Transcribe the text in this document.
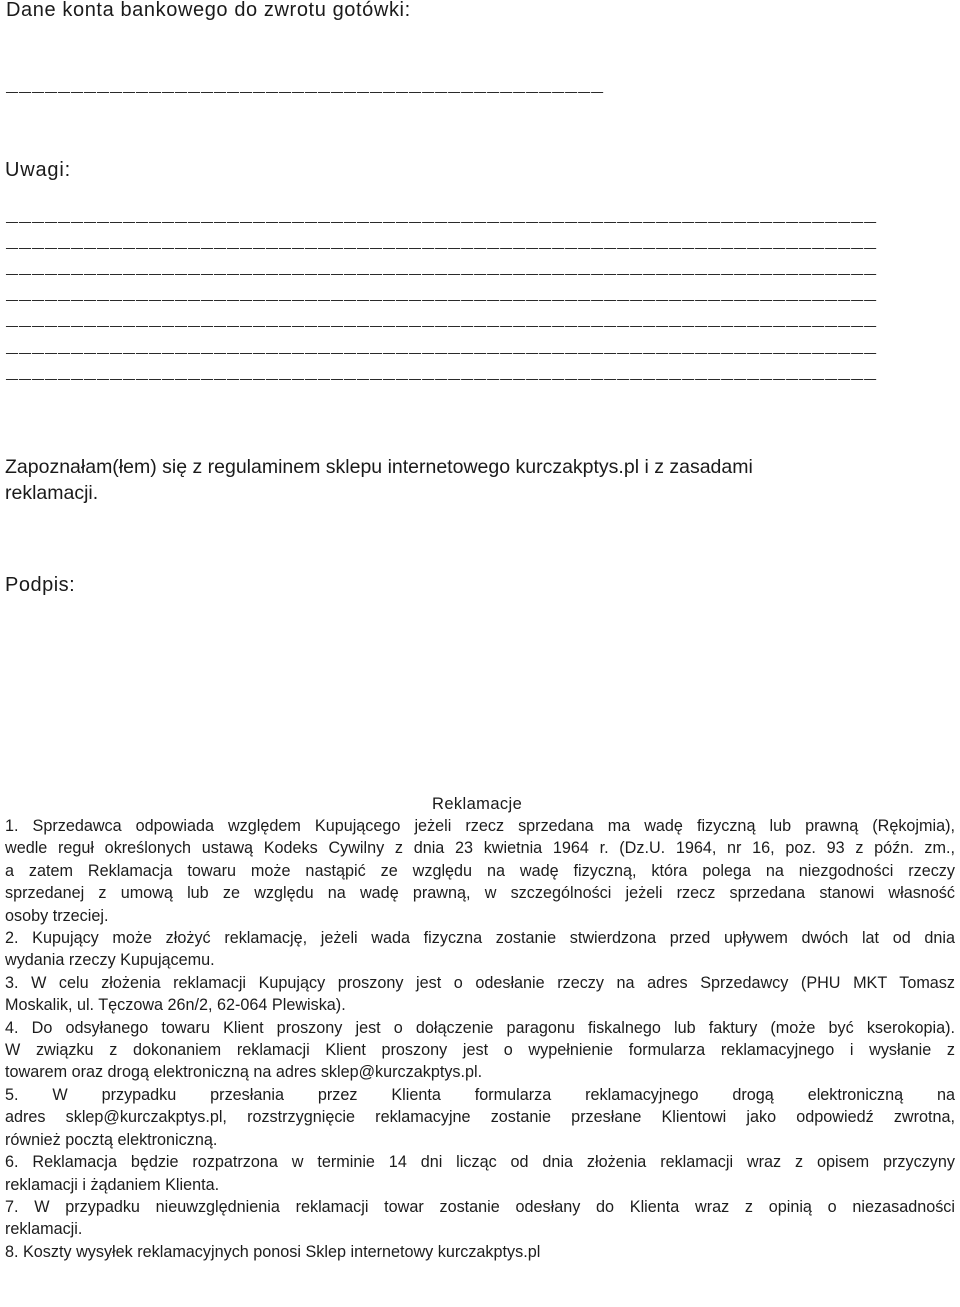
Dane konta bankowego do zwrotu gotówki:
______________________________________________
Uwagi:
___________________________________________________________________
___________________________________________________________________
___________________________________________________________________
___________________________________________________________________
___________________________________________________________________
___________________________________________________________________
___________________________________________________________________
Zapoznałam(łem) się z regulaminem sklepu internetowego kurczakptys.pl i z zasadami
reklamacji.
Podpis:
Reklamacje
1. Sprzedawca odpowiada względem Kupującego jeżeli rzecz sprzedana ma wadę fizyczną lub prawną (Rękojmia),
wedle reguł określonych ustawą Kodeks Cywilny z dnia 23 kwietnia 1964 r. (Dz.U. 1964, nr 16, poz. 93 z późn. zm.,
a zatem Reklamacja towaru może nastąpić ze względu na wadę fizyczną, która polega na niezgodności rzeczy
sprzedanej z umową lub ze względu na wadę prawną, w szczególności jeżeli rzecz sprzedana stanowi własność
osoby trzeciej.
2. Kupujący może złożyć reklamację, jeżeli wada fizyczna zostanie stwierdzona przed upływem dwóch lat od dnia
wydania rzeczy Kupującemu.
3. W celu złożenia reklamacji Kupujący proszony jest o odesłanie rzeczy na adres Sprzedawcy (PHU MKT Tomasz
Moskalik, ul. Tęczowa 26n/2, 62-064 Plewiska).
4. Do odsyłanego towaru Klient proszony jest o dołączenie paragonu fiskalnego lub faktury (może być kserokopia).
W związku z dokonaniem reklamacji Klient proszony jest o wypełnienie formularza reklamacyjnego i wysłanie z
towarem oraz drogą elektroniczną na adres sklep@kurczakptys.pl.
5. W przypadku przesłania przez Klienta formularza reklamacyjnego drogą elektroniczną na
adres sklep@kurczakptys.pl, rozstrzygnięcie reklamacyjne zostanie przesłane Klientowi jako odpowiedź zwrotna,
również pocztą elektroniczną.
6. Reklamacja będzie rozpatrzona w terminie 14 dni licząc od dnia złożenia reklamacji wraz z opisem przyczyny
reklamacji i żądaniem Klienta.
7. W przypadku nieuwzględnienia reklamacji towar zostanie odesłany do Klienta wraz z opinią o niezasadności
reklamacji.
8. Koszty wysyłek reklamacyjnych ponosi Sklep internetowy kurczakptys.pl
